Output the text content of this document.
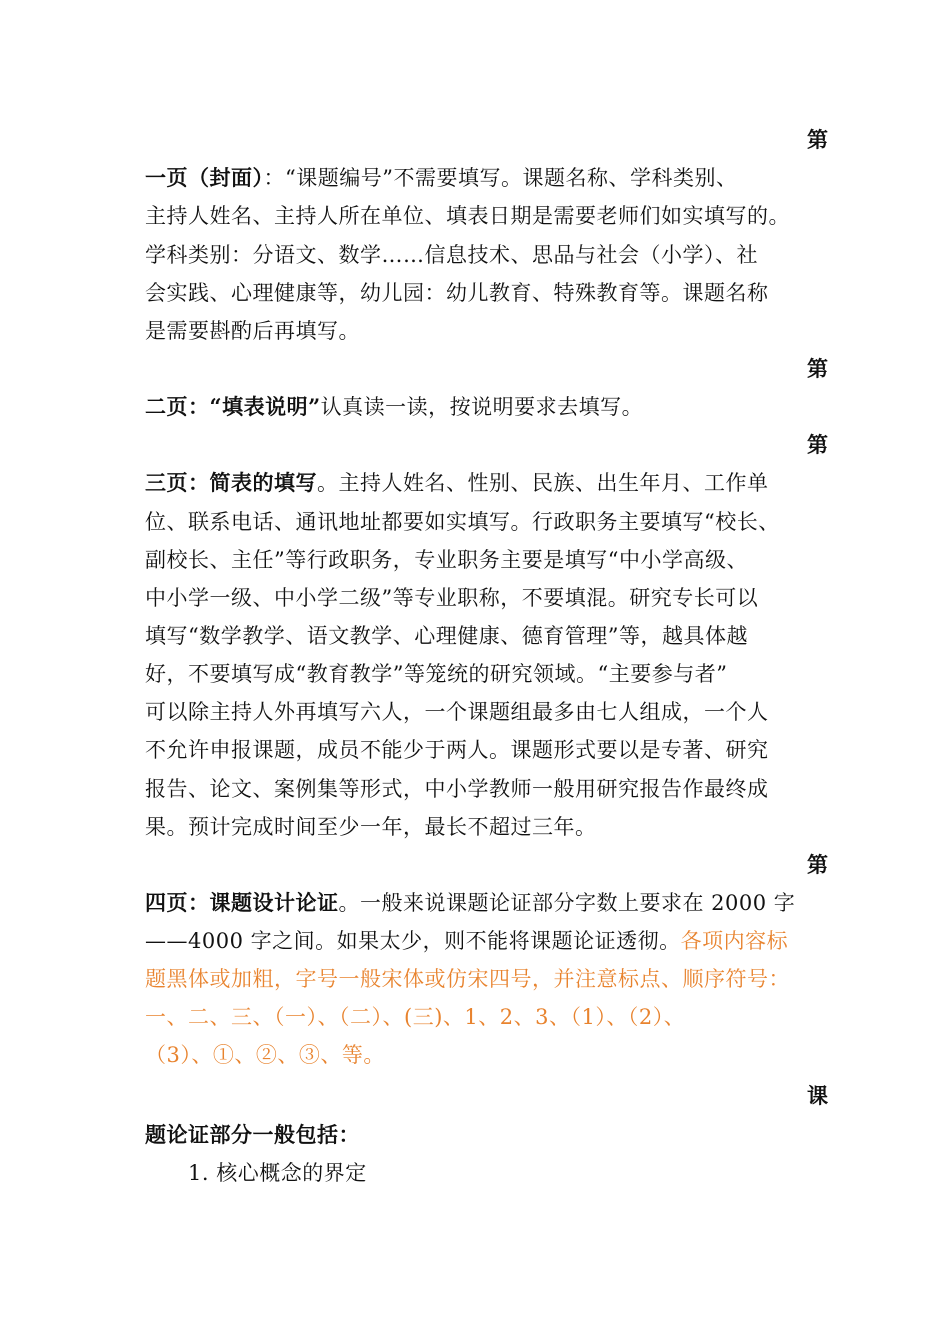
第
一页（封面）：“课题编号”不需要填写。课题名称、学科类别、
主持人姓名、主持人所在单位、填表日期是需要老师们如实填写的。
学科类别：分语文、数学……信息技术、思品与社会（小学）、社
会实践、心理健康等，幼儿园：幼儿教育、特殊教育等。课题名称
是需要斟酌后再填写。
第
二页：“填表说明”认真读一读，按说明要求去填写。
第
三页：简表的填写。主持人姓名、性别、民族、出生年月、工作单
位、联系电话、通讯地址都要如实填写。行政职务主要填写“校长、
副校长、主任”等行政职务，专业职务主要是填写“中小学高级、
中小学一级、中小学二级”等专业职称，不要填混。研究专长可以
填写“数学教学、语文教学、心理健康、德育管理”等，越具体越
好，不要填写成“教育教学”等笼统的研究领域。“主要参与者”
可以除主持人外再填写六人，一个课题组最多由七人组成，一个人
不允许申报课题，成员不能少于两人。课题形式要以是专著、研究
报告、论文、案例集等形式，中小学教师一般用研究报告作最终成
果。预计完成时间至少一年，最长不超过三年。
第
四页：课题设计论证。一般来说课题论证部分字数上要求在 2000 字
——4000 字之间。如果太少，则不能将课题论证透彻。各项内容标
题黑体或加粗，字号一般宋体或仿宋四号，并注意标点、顺序符号：
一、二、三、（一）、（二）、(三)、1、2、3、（1）、（2）、
（3）、①、②、③、等。
课
题论证部分一般包括：
1. 核心概念的界定
